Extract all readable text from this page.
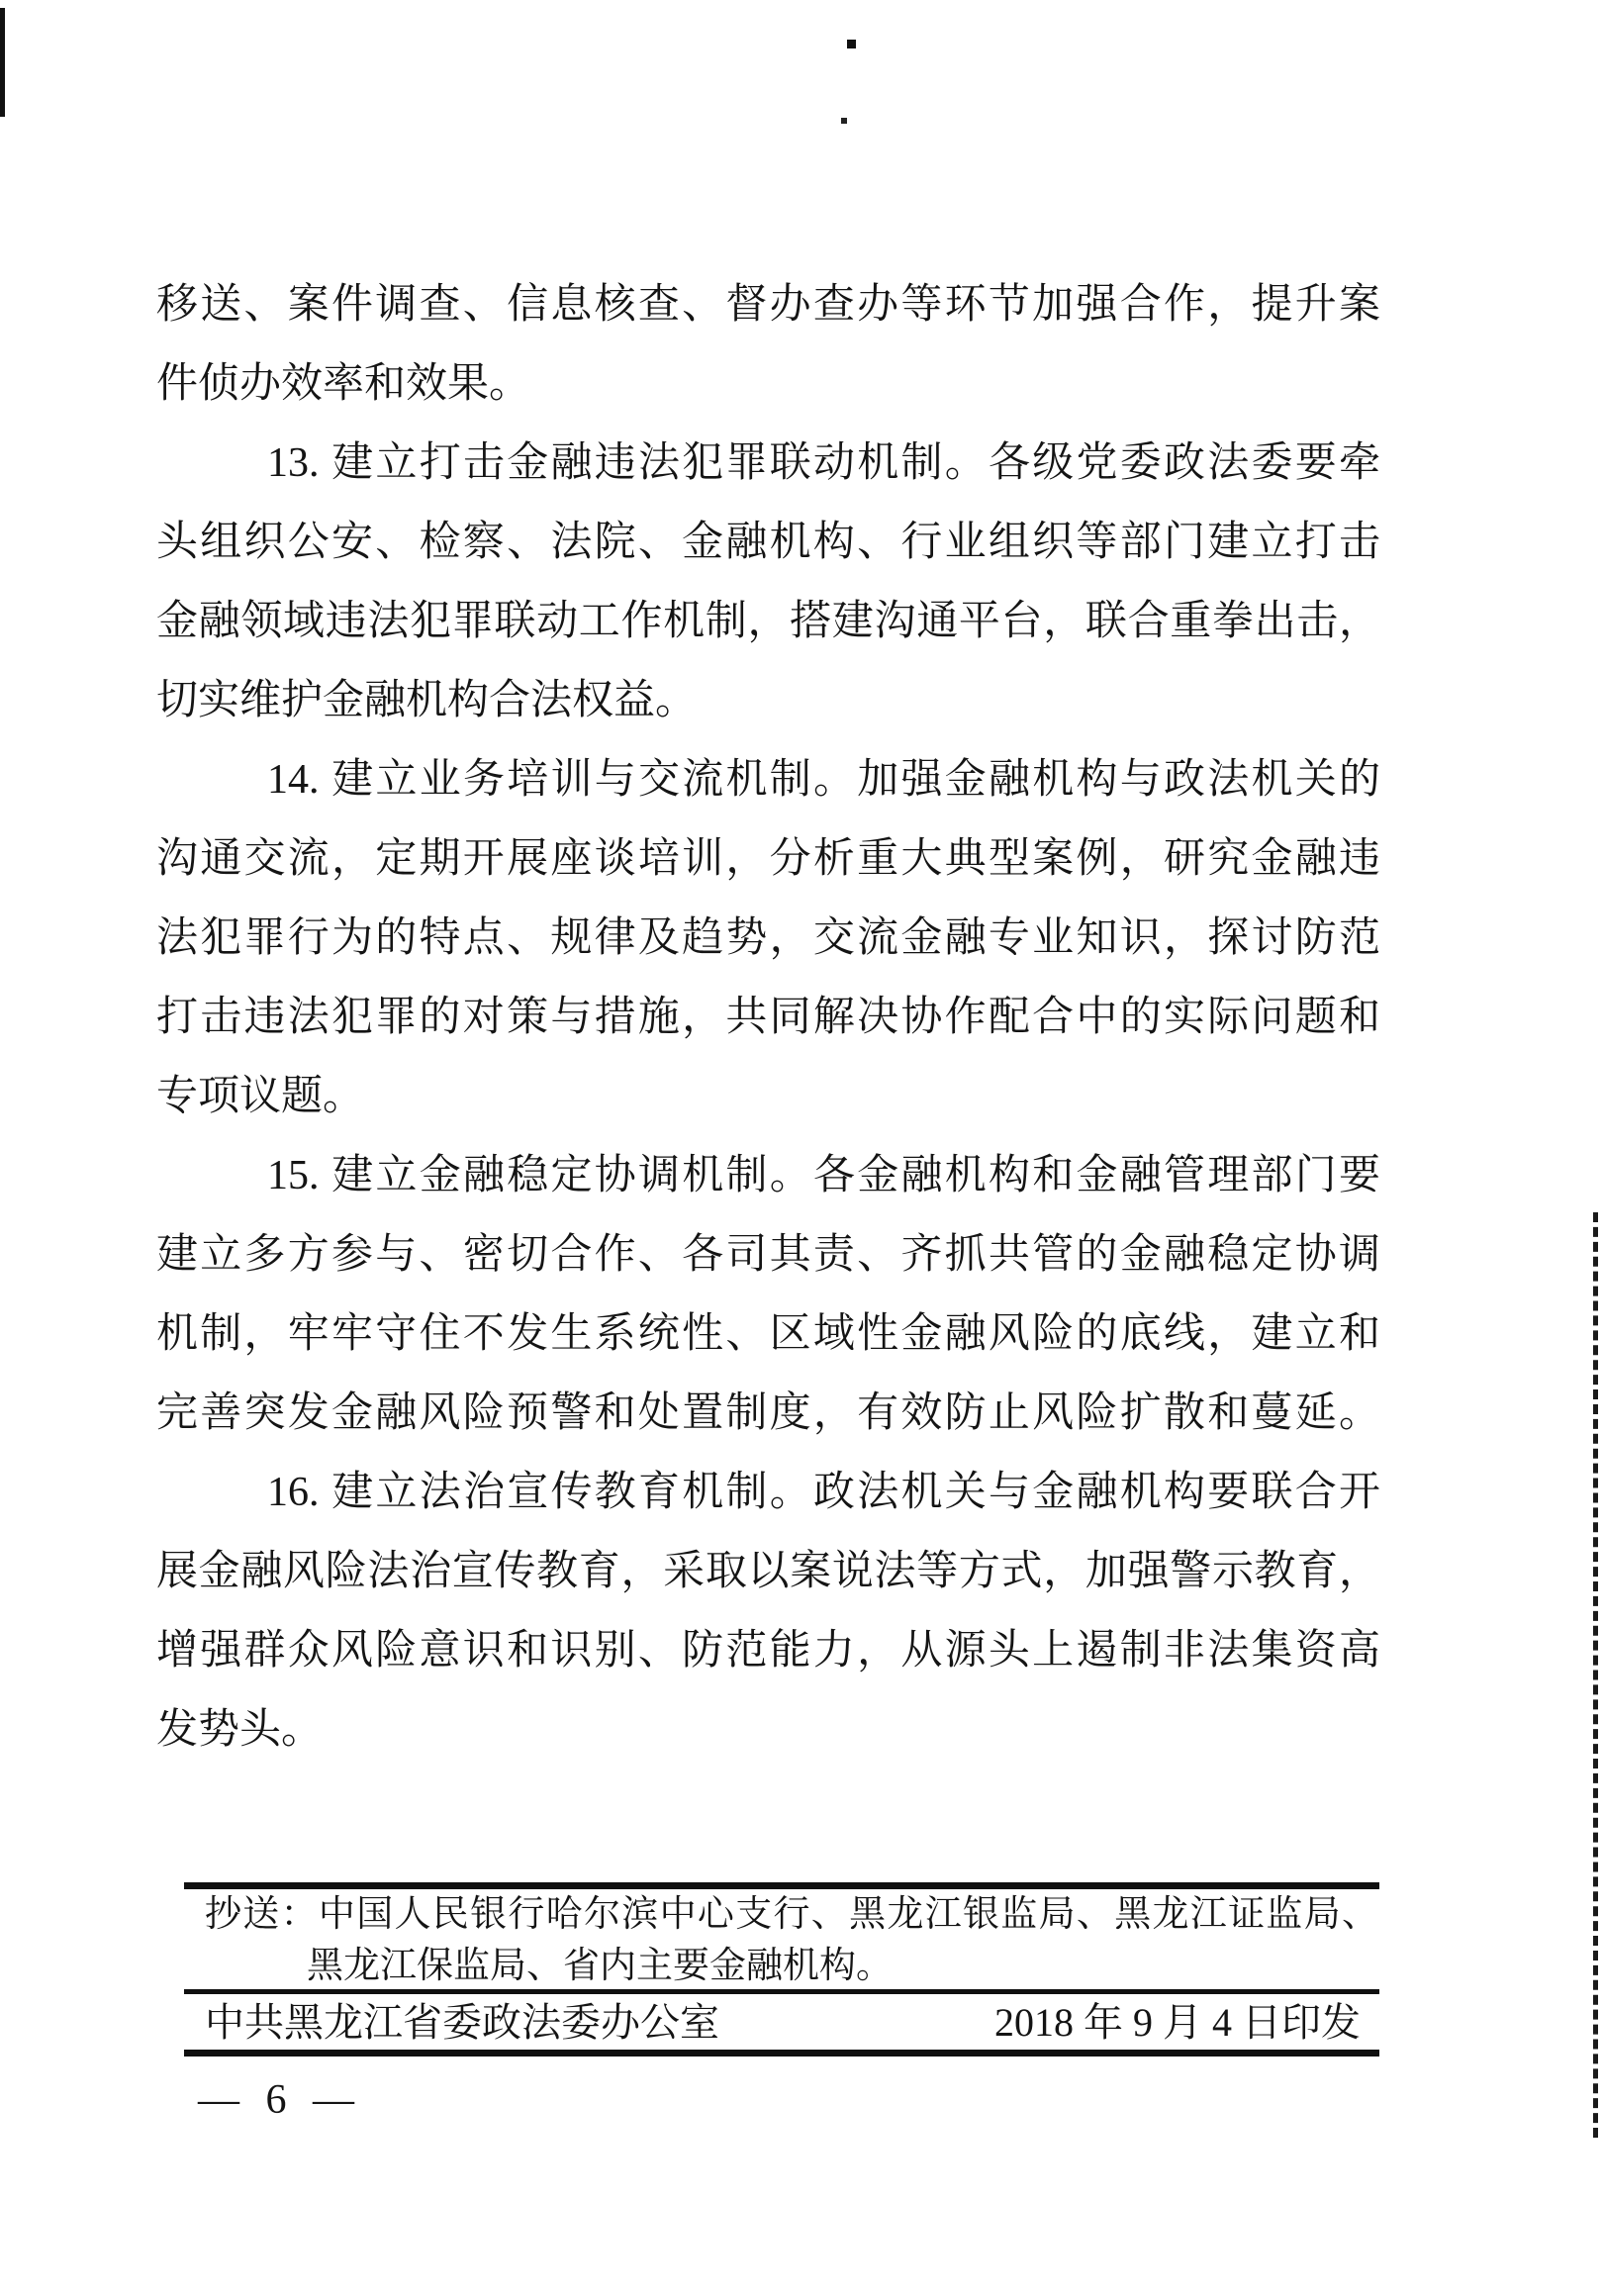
移送、案件调查、信息核查、督办查办等环节加强合作，提升案
件侦办效率和效果。
13. 建立打击金融违法犯罪联动机制。各级党委政法委要牵
头组织公安、检察、法院、金融机构、行业组织等部门建立打击
金融领域违法犯罪联动工作机制，搭建沟通平台，联合重拳出击，
切实维护金融机构合法权益。
14. 建立业务培训与交流机制。加强金融机构与政法机关的
沟通交流，定期开展座谈培训，分析重大典型案例，研究金融违
法犯罪行为的特点、规律及趋势，交流金融专业知识，探讨防范
打击违法犯罪的对策与措施，共同解决协作配合中的实际问题和
专项议题。
15. 建立金融稳定协调机制。各金融机构和金融管理部门要
建立多方参与、密切合作、各司其责、齐抓共管的金融稳定协调
机制，牢牢守住不发生系统性、区域性金融风险的底线，建立和
完善突发金融风险预警和处置制度，有效防止风险扩散和蔓延。
16. 建立法治宣传教育机制。政法机关与金融机构要联合开
展金融风险法治宣传教育，采取以案说法等方式，加强警示教育，
增强群众风险意识和识别、防范能力，从源头上遏制非法集资高
发势头。
抄送：中国人民银行哈尔滨中心支行、黑龙江银监局、黑龙江证监局、
黑龙江保监局、省内主要金融机构。
中共黑龙江省委政法委办公室	2018 年 9 月 4 日印发
— 6 —
